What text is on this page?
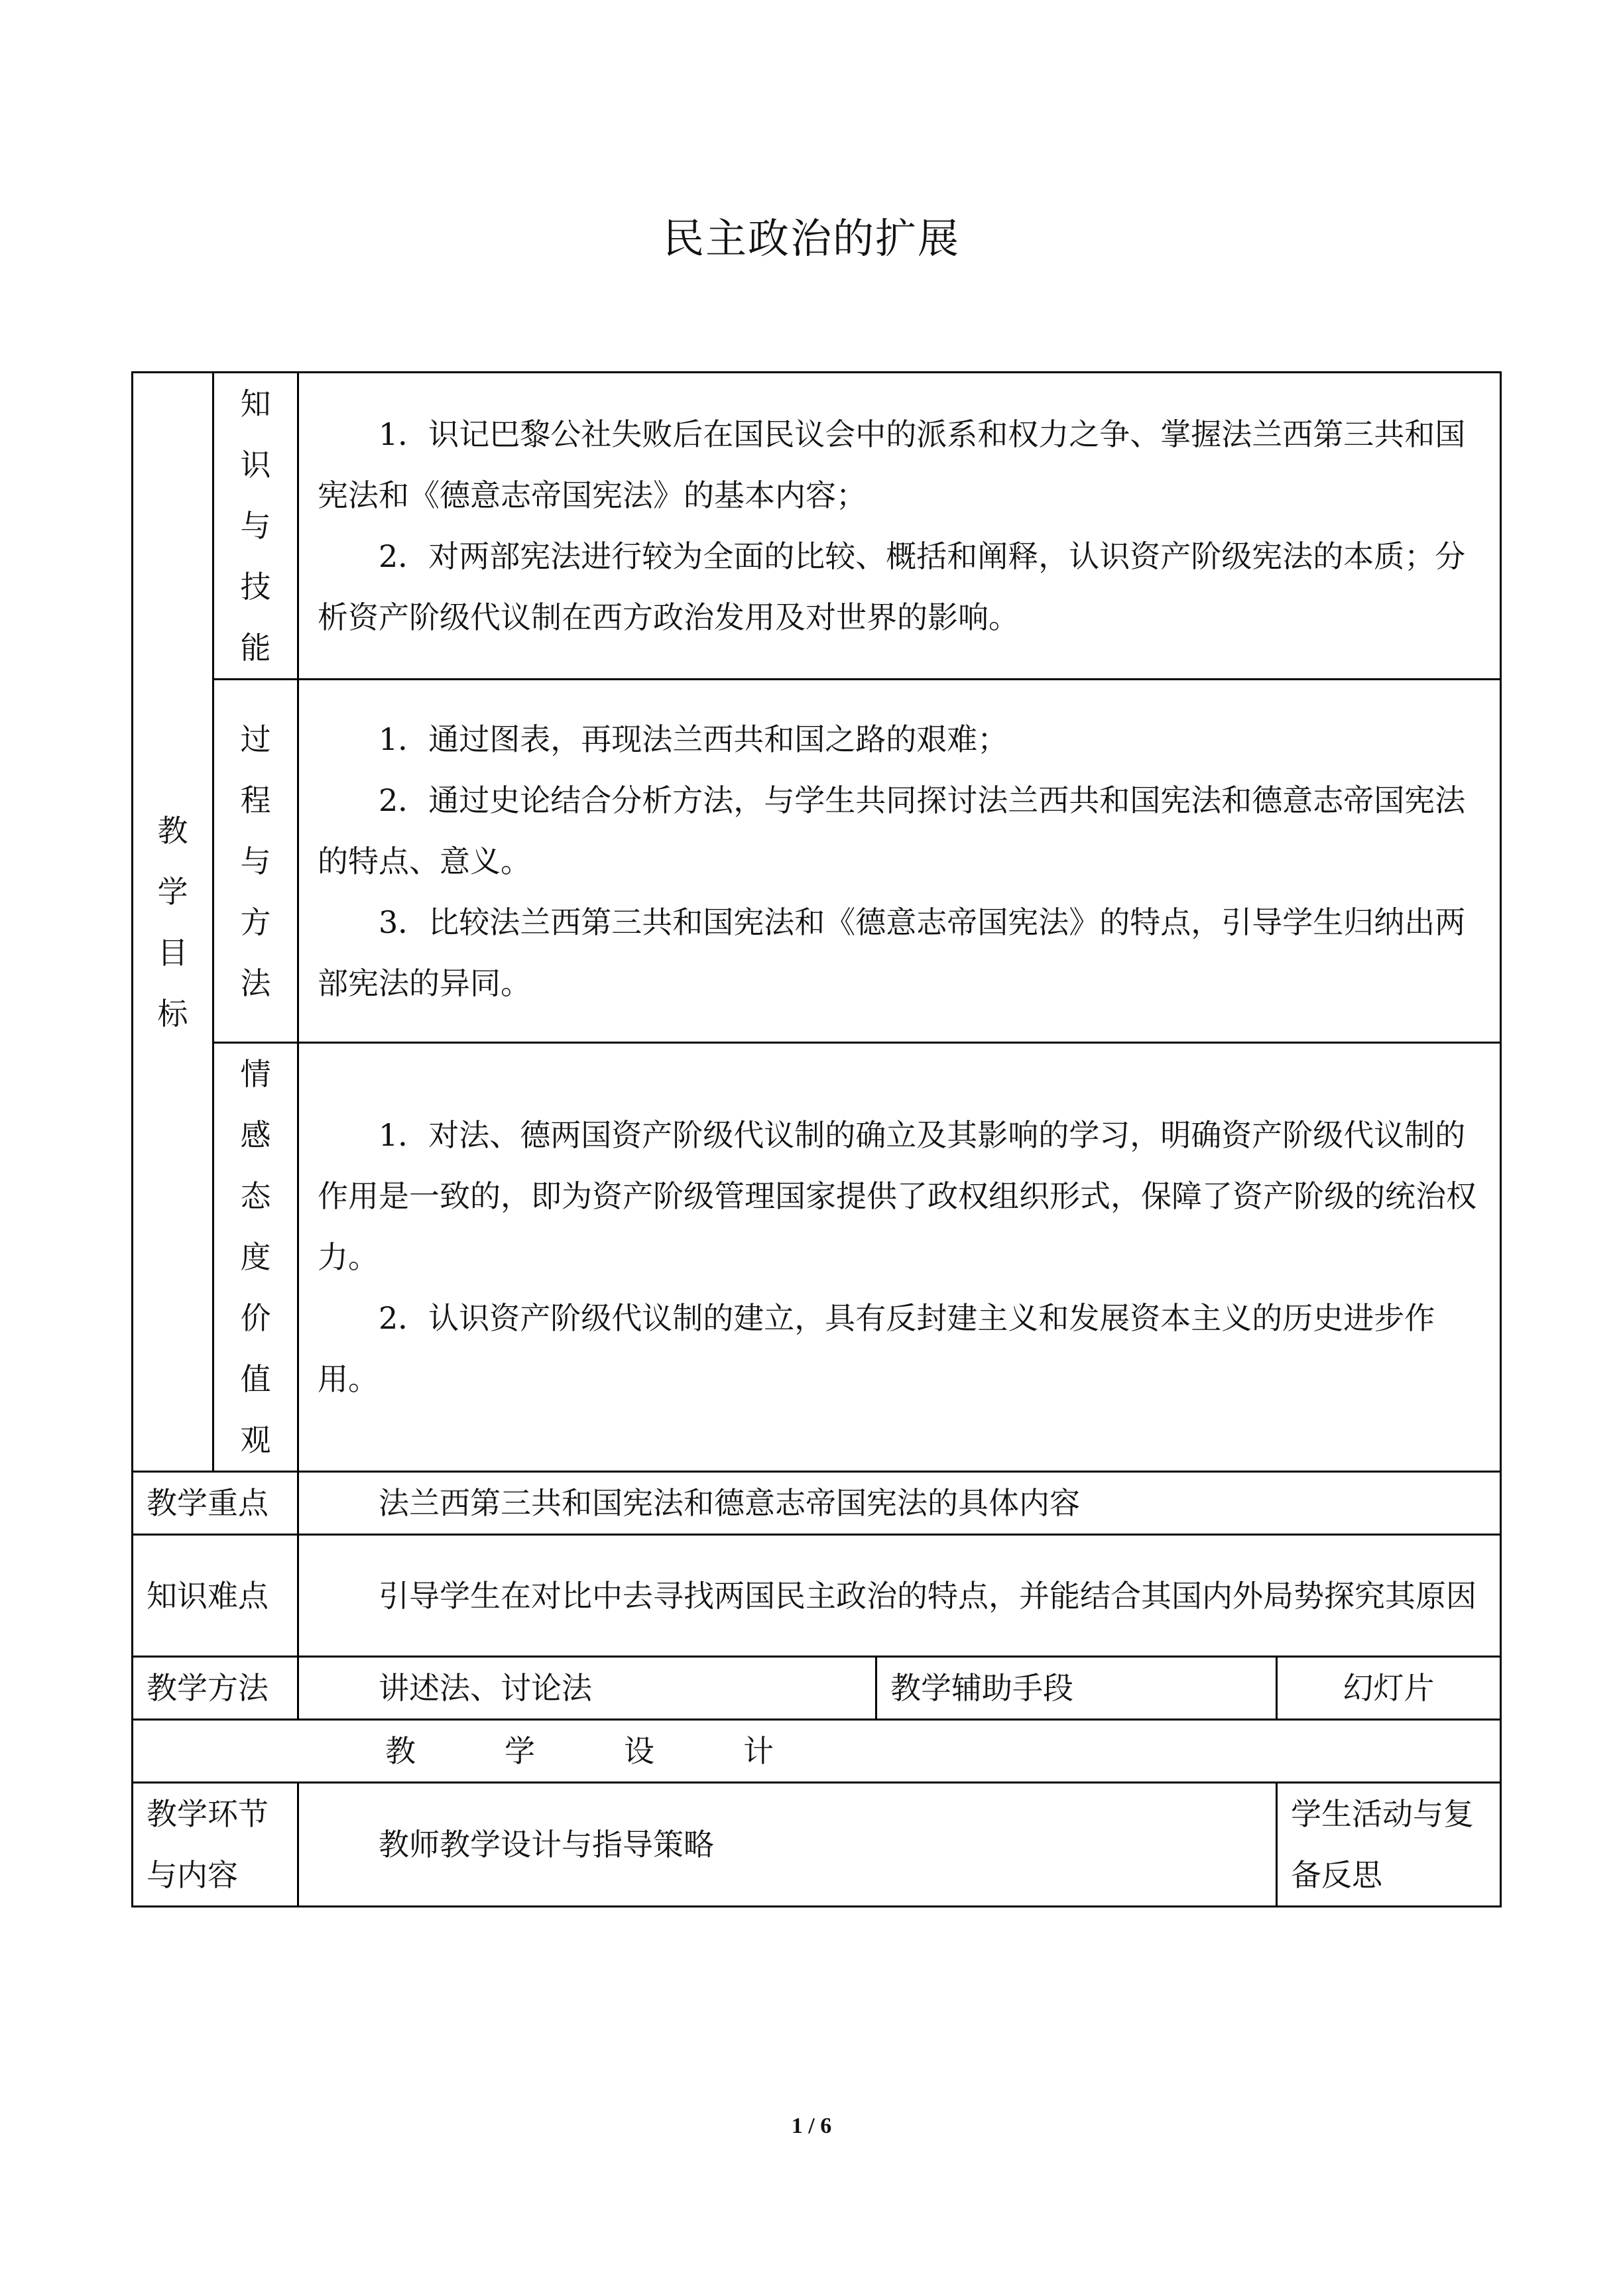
民主政治的扩展
教学目标	知识与技能	1．识记巴黎公社失败后在国民议会中的派系和权力之争、掌握法兰西第三共和国宪法和《德意志帝国宪法》的基本内容；
2．对两部宪法进行较为全面的比较、概括和阐释，认识资产阶级宪法的本质；分析资产阶级代议制在西方政治发用及对世界的影响。		

	过程与方法	1．通过图表，再现法兰西共和国之路的艰难；
2．通过史论结合分析方法，与学生共同探讨法兰西共和国宪法和德意志帝国宪法的特点、意义。
3．比较法兰西第三共和国宪法和《德意志帝国宪法》的特点，引导学生归纳出两部宪法的异同。		

	情感态度价值观	1．对法、德两国资产阶级代议制的确立及其影响的学习，明确资产阶级代议制的作用是一致的，即为资产阶级管理国家提供了政权组织形式，保障了资产阶级的统治权力。
2．认识资产阶级代议制的建立，具有反封建主义和发展资本主义的历史进步作用。		

教学重点		法兰西第三共和国宪法和德意志帝国宪法的具体内容		

知识难点		引导学生在对比中去寻找两国民主政治的特点，并能结合其国内外局势探究其原因		

教学方法		讲述法、讨论法	教学辅助手段	幻灯片

教 学 设 计				

教学环节与内容		教师教学设计与指导策略		学生活动与复备反思
1 / 6
